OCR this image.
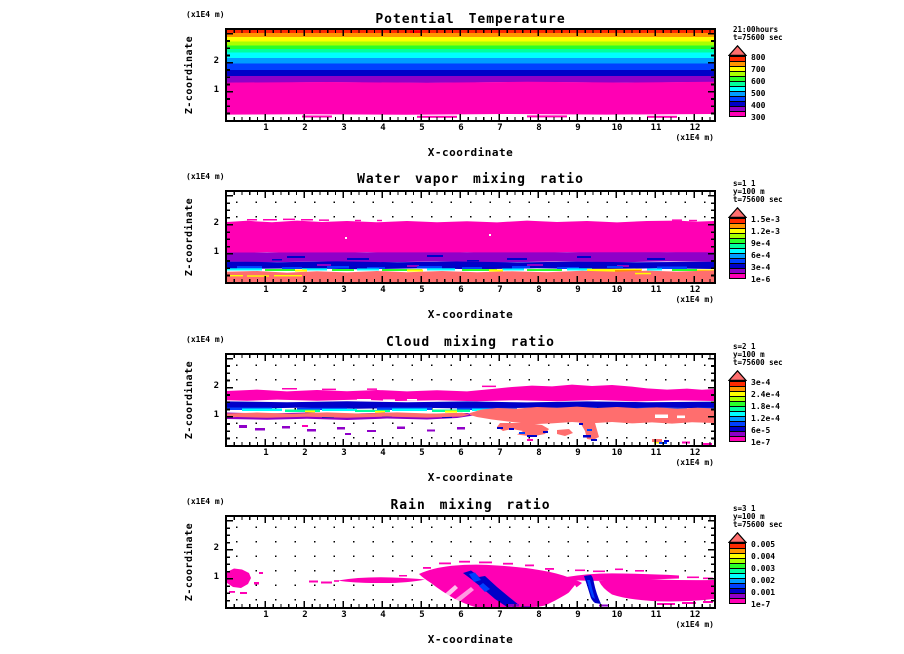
Potential Temperature
(x1E4 m)
Z-coordinate	2
1
1	2	3	4	5	6	7	8	9	10	11	12
(x1E4 m)
X-coordinate
21:00hours
t=75600 sec
800
700
600
500
400
300
Water vapor mixing ratio
(x1E4 m)
Z-coordinate	2
1
1	2	3	4	5	6	7	8	9	10	11	12
(x1E4 m)
X-coordinate
s=1 1
y=100 m
t=75600 sec
1.5e-3
1.2e-3
9e-4
6e-4
3e-4
1e-6
Cloud mixing ratio
(x1E4 m)
Z-coordinate	2
1
1	2	3	4	5	6	7	8	9	10	11	12
(x1E4 m)
X-coordinate
s=2 1
y=100 m
t=75600 sec
3e-4
2.4e-4
1.8e-4
1.2e-4
6e-5
1e-7
Rain mixing ratio
(x1E4 m)
Z-coordinate	2
1
1	2	3	4	5	6	7	8	9	10	11	12
(x1E4 m)
X-coordinate
s=3 1
y=100 m
t=75600 sec
0.005
0.004
0.003
0.002
0.001
1e-7
